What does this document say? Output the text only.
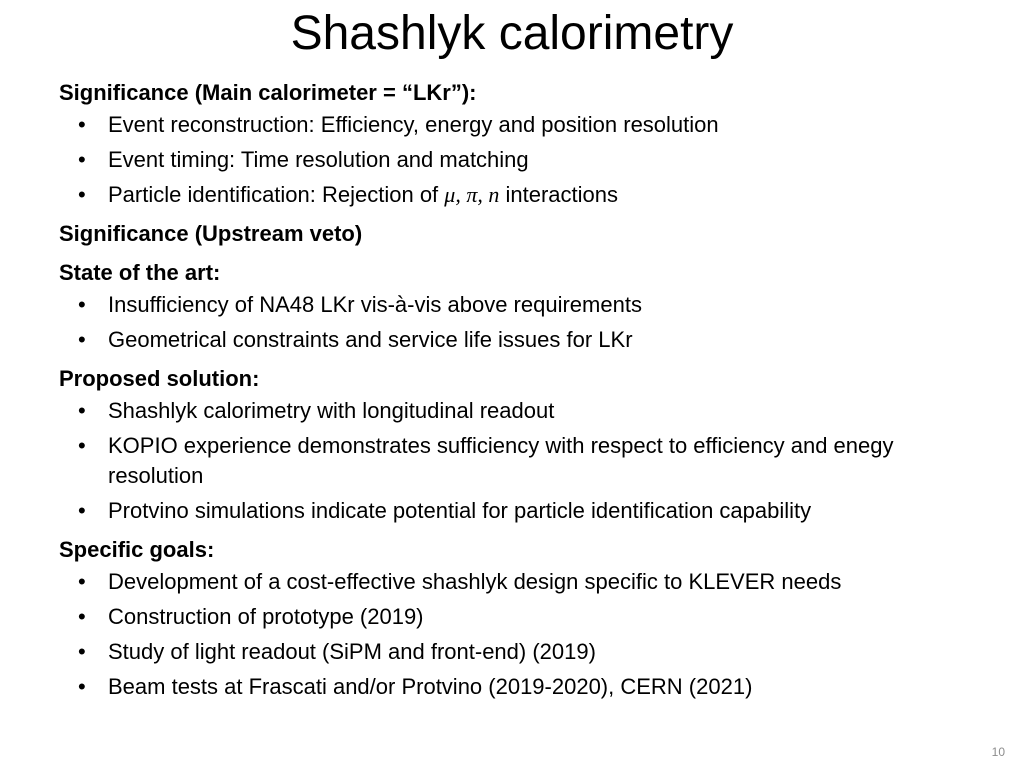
Shashlyk calorimetry

Significance (Main calorimeter = “LKr”):

• Event reconstruction: Efficiency, energy and position resolution
• Event timing: Time resolution and matching
• Particle identification: Rejection of μ, π, n interactions

Significance (Upstream veto)

State of the art:

• Insufficiency of NA48 LKr vis-à-vis above requirements
• Geometrical constraints and service life issues for LKr

Proposed solution:

• Shashlyk calorimetry with longitudinal readout
• KOPIO experience demonstrates sufficiency with respect to efficiency and enegy resolution
• Protvino simulations indicate potential for particle identification capability

Specific goals:

• Development of a cost-effective shashlyk design specific to KLEVER needs
• Construction of prototype (2019)
• Study of light readout (SiPM and front-end) (2019)
• Beam tests at Frascati and/or Protvino (2019-2020), CERN (2021)
10
